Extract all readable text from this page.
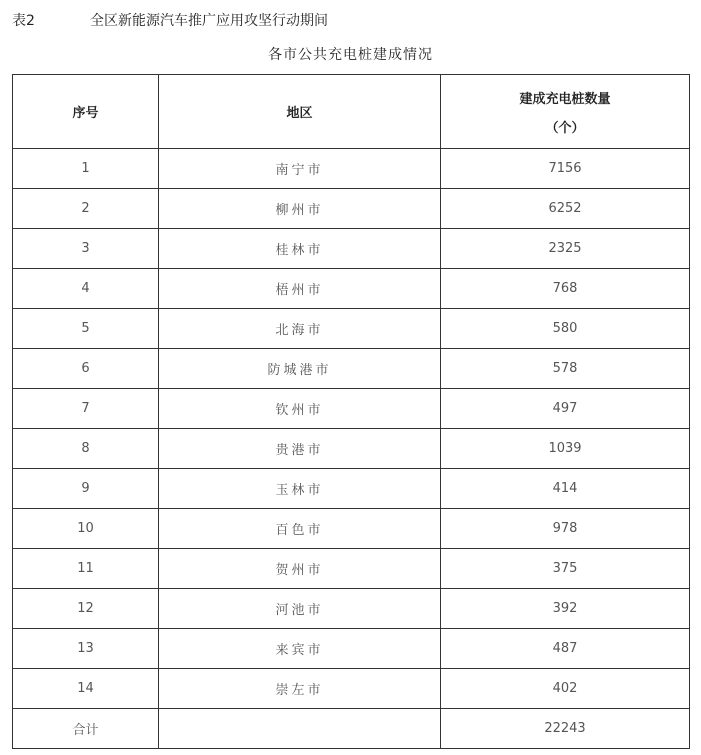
表2	全区新能源汽车推广应用攻坚行动期间
各市公共充电桩建成情况
序号	地区	建成充电桩数量
（个）

1	南宁市	7156
2	柳州市	6252
3	桂林市	2325
4	梧州市	768
5	北海市	580
6	防城港市	578
7	钦州市	497
8	贵港市	1039
9	玉林市	414
10	百色市	978
11	贺州市	375
12	河池市	392
13	来宾市	487
14	崇左市	402
合计		22243
